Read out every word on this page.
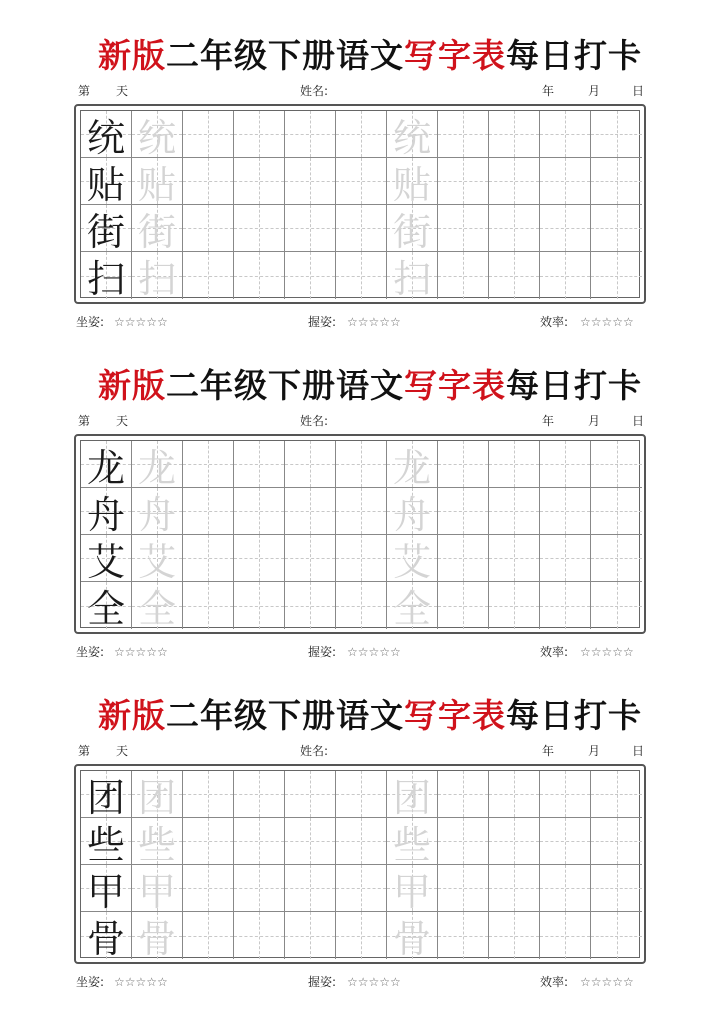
新版二年级下册语文写字表每日打卡
第 天	姓名:	年	月	日
统 统	统
贴 贴	贴
街 街	街
扫 扫	扫
坐姿: ☆☆☆☆☆	握姿: ☆☆☆☆☆	效率: ☆☆☆☆☆
新版二年级下册语文写字表每日打卡
第 天	姓名:	年	月	日
龙 龙	龙
舟 舟	舟
艾 艾	艾
全 全	全
坐姿: ☆☆☆☆☆	握姿: ☆☆☆☆☆	效率: ☆☆☆☆☆
新版二年级下册语文写字表每日打卡
第 天	姓名:	年	月	日
团 团	团
些 些	些
甲 甲	甲
骨 骨	骨
坐姿: ☆☆☆☆☆	握姿: ☆☆☆☆☆	效率: ☆☆☆☆☆
